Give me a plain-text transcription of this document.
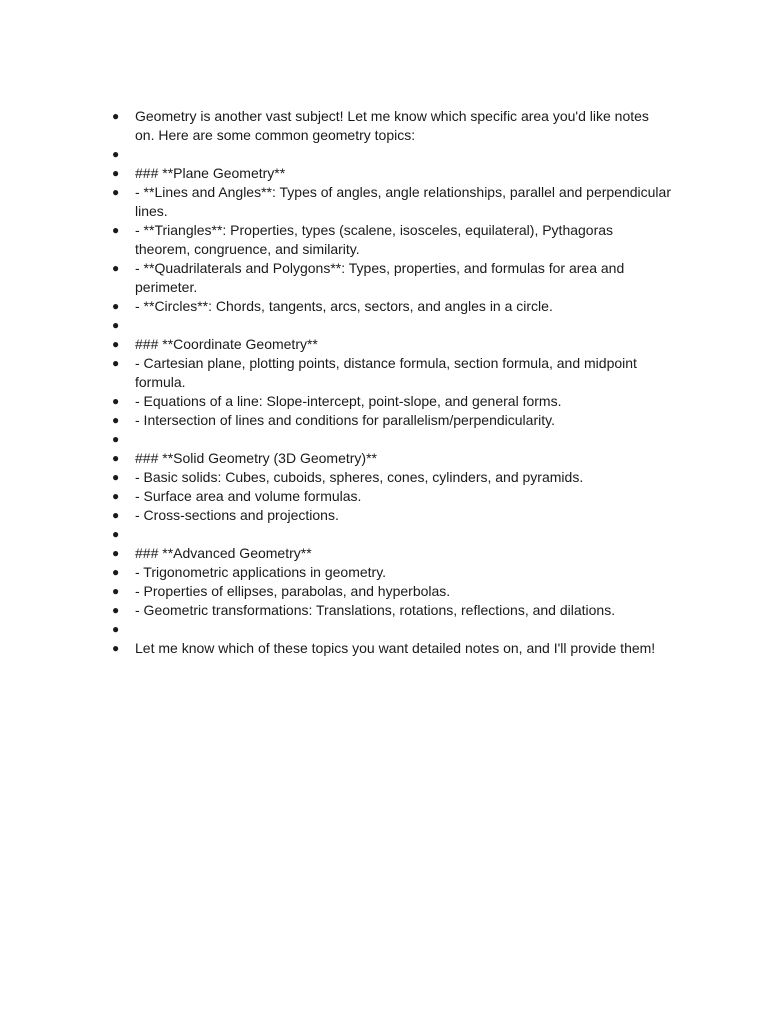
● Geometry is another vast subject! Let me know which specific area you'd like notes on. Here are some common geometry topics:
●
● ### **Plane Geometry**
● - **Lines and Angles**: Types of angles, angle relationships, parallel and perpendicular lines.
● - **Triangles**: Properties, types (scalene, isosceles, equilateral), Pythagoras theorem, congruence, and similarity.
● - **Quadrilaterals and Polygons**: Types, properties, and formulas for area and perimeter.
● - **Circles**: Chords, tangents, arcs, sectors, and angles in a circle.
●
● ### **Coordinate Geometry**
● - Cartesian plane, plotting points, distance formula, section formula, and midpoint formula.
● - Equations of a line: Slope-intercept, point-slope, and general forms.
● - Intersection of lines and conditions for parallelism/perpendicularity.
●
● ### **Solid Geometry (3D Geometry)**
● - Basic solids: Cubes, cuboids, spheres, cones, cylinders, and pyramids.
● - Surface area and volume formulas.
● - Cross-sections and projections.
●
● ### **Advanced Geometry**
● - Trigonometric applications in geometry.
● - Properties of ellipses, parabolas, and hyperbolas.
● - Geometric transformations: Translations, rotations, reflections, and dilations.
●
● Let me know which of these topics you want detailed notes on, and I'll provide them!
